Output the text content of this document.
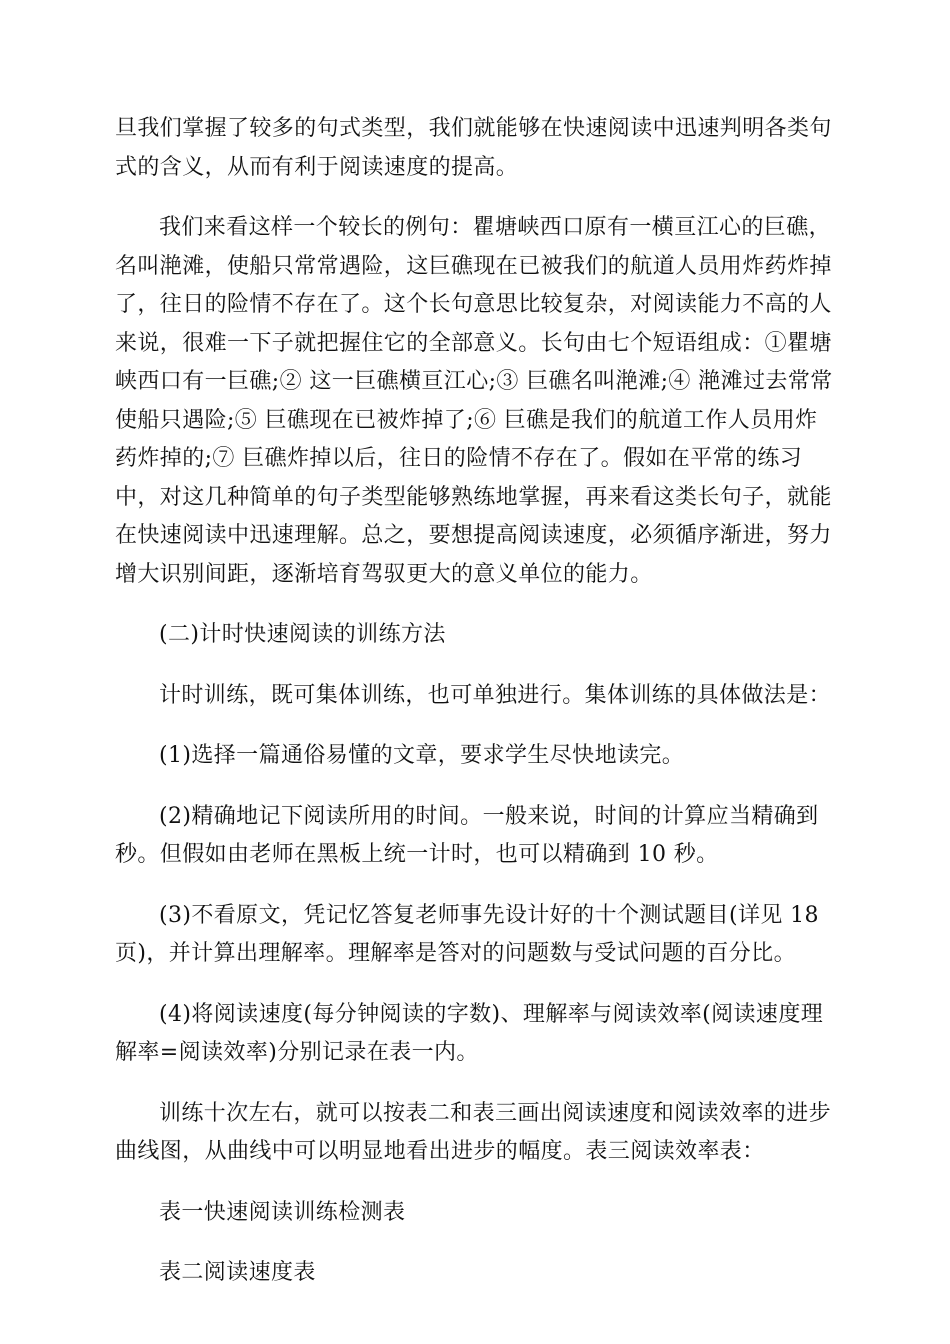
旦我们掌握了较多的句式类型，我们就能够在快速阅读中迅速判明各类句
式的含义，从而有利于阅读速度的提高。

我们来看这样一个较长的例句：瞿塘峡西口原有一横亘江心的巨礁，
名叫滟滩，使船只常常遇险，这巨礁现在已被我们的航道人员用炸药炸掉
了，往日的险情不存在了。这个长句意思比较复杂，对阅读能力不高的人
来说，很难一下子就把握住它的全部意义。长句由七个短语组成：①瞿塘
峡西口有一巨礁;② 这一巨礁横亘江心;③ 巨礁名叫滟滩;④ 滟滩过去常常
使船只遇险;⑤ 巨礁现在已被炸掉了;⑥ 巨礁是我们的航道工作人员用炸
药炸掉的;⑦ 巨礁炸掉以后，往日的险情不存在了。假如在平常的练习
中，对这几种简单的句子类型能够熟练地掌握，再来看这类长句子，就能
在快速阅读中迅速理解。总之，要想提高阅读速度，必须循序渐进，努力
增大识别间距，逐渐培育驾驭更大的意义单位的能力。

(二)计时快速阅读的训练方法

计时训练，既可集体训练，也可单独进行。集体训练的具体做法是：

(1)选择一篇通俗易懂的文章，要求学生尽快地读完。

(2)精确地记下阅读所用的时间。一般来说，时间的计算应当精确到
秒。但假如由老师在黑板上统一计时，也可以精确到 10 秒。

(3)不看原文，凭记忆答复老师事先设计好的十个测试题目(详见 18
页)，并计算出理解率。理解率是答对的问题数与受试问题的百分比。

(4)将阅读速度(每分钟阅读的字数)、理解率与阅读效率(阅读速度理
解率=阅读效率)分别记录在表一内。

训练十次左右，就可以按表二和表三画出阅读速度和阅读效率的进步
曲线图，从曲线中可以明显地看出进步的幅度。表三阅读效率表：

表一快速阅读训练检测表

表二阅读速度表
